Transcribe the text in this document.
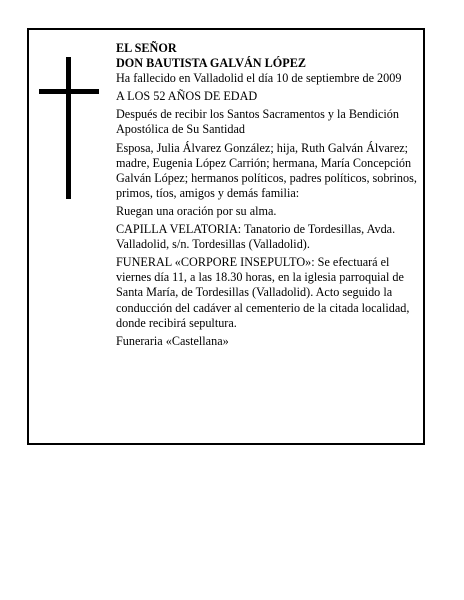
EL SEÑOR

DON BAUTISTA GALVÁN LÓPEZ

Ha fallecido en Valladolid el día 10 de septiembre de 2009

A LOS 52 AÑOS DE EDAD

Después de recibir los Santos Sacramentos y la Bendición Apostólica de Su Santidad

Esposa, Julia Álvarez González; hija, Ruth Galván Álvarez; madre, Eugenia López Carrión; hermana, María Concepción Galván López; hermanos políticos, padres políticos, sobrinos, primos, tíos, amigos y demás familia:

Ruegan una oración por su alma.

CAPILLA VELATORIA: Tanatorio de Tordesillas, Avda. Valladolid, s/n. Tordesillas (Valladolid).

FUNERAL «CORPORE INSEPULTO»: Se efectuará el viernes día 11, a las 18.30 horas, en la iglesia parroquial de Santa María, de Tordesillas (Valladolid). Acto seguido la conducción del cadáver al cementerio de la citada localidad, donde recibirá sepultura.

Funeraria «Castellana»
